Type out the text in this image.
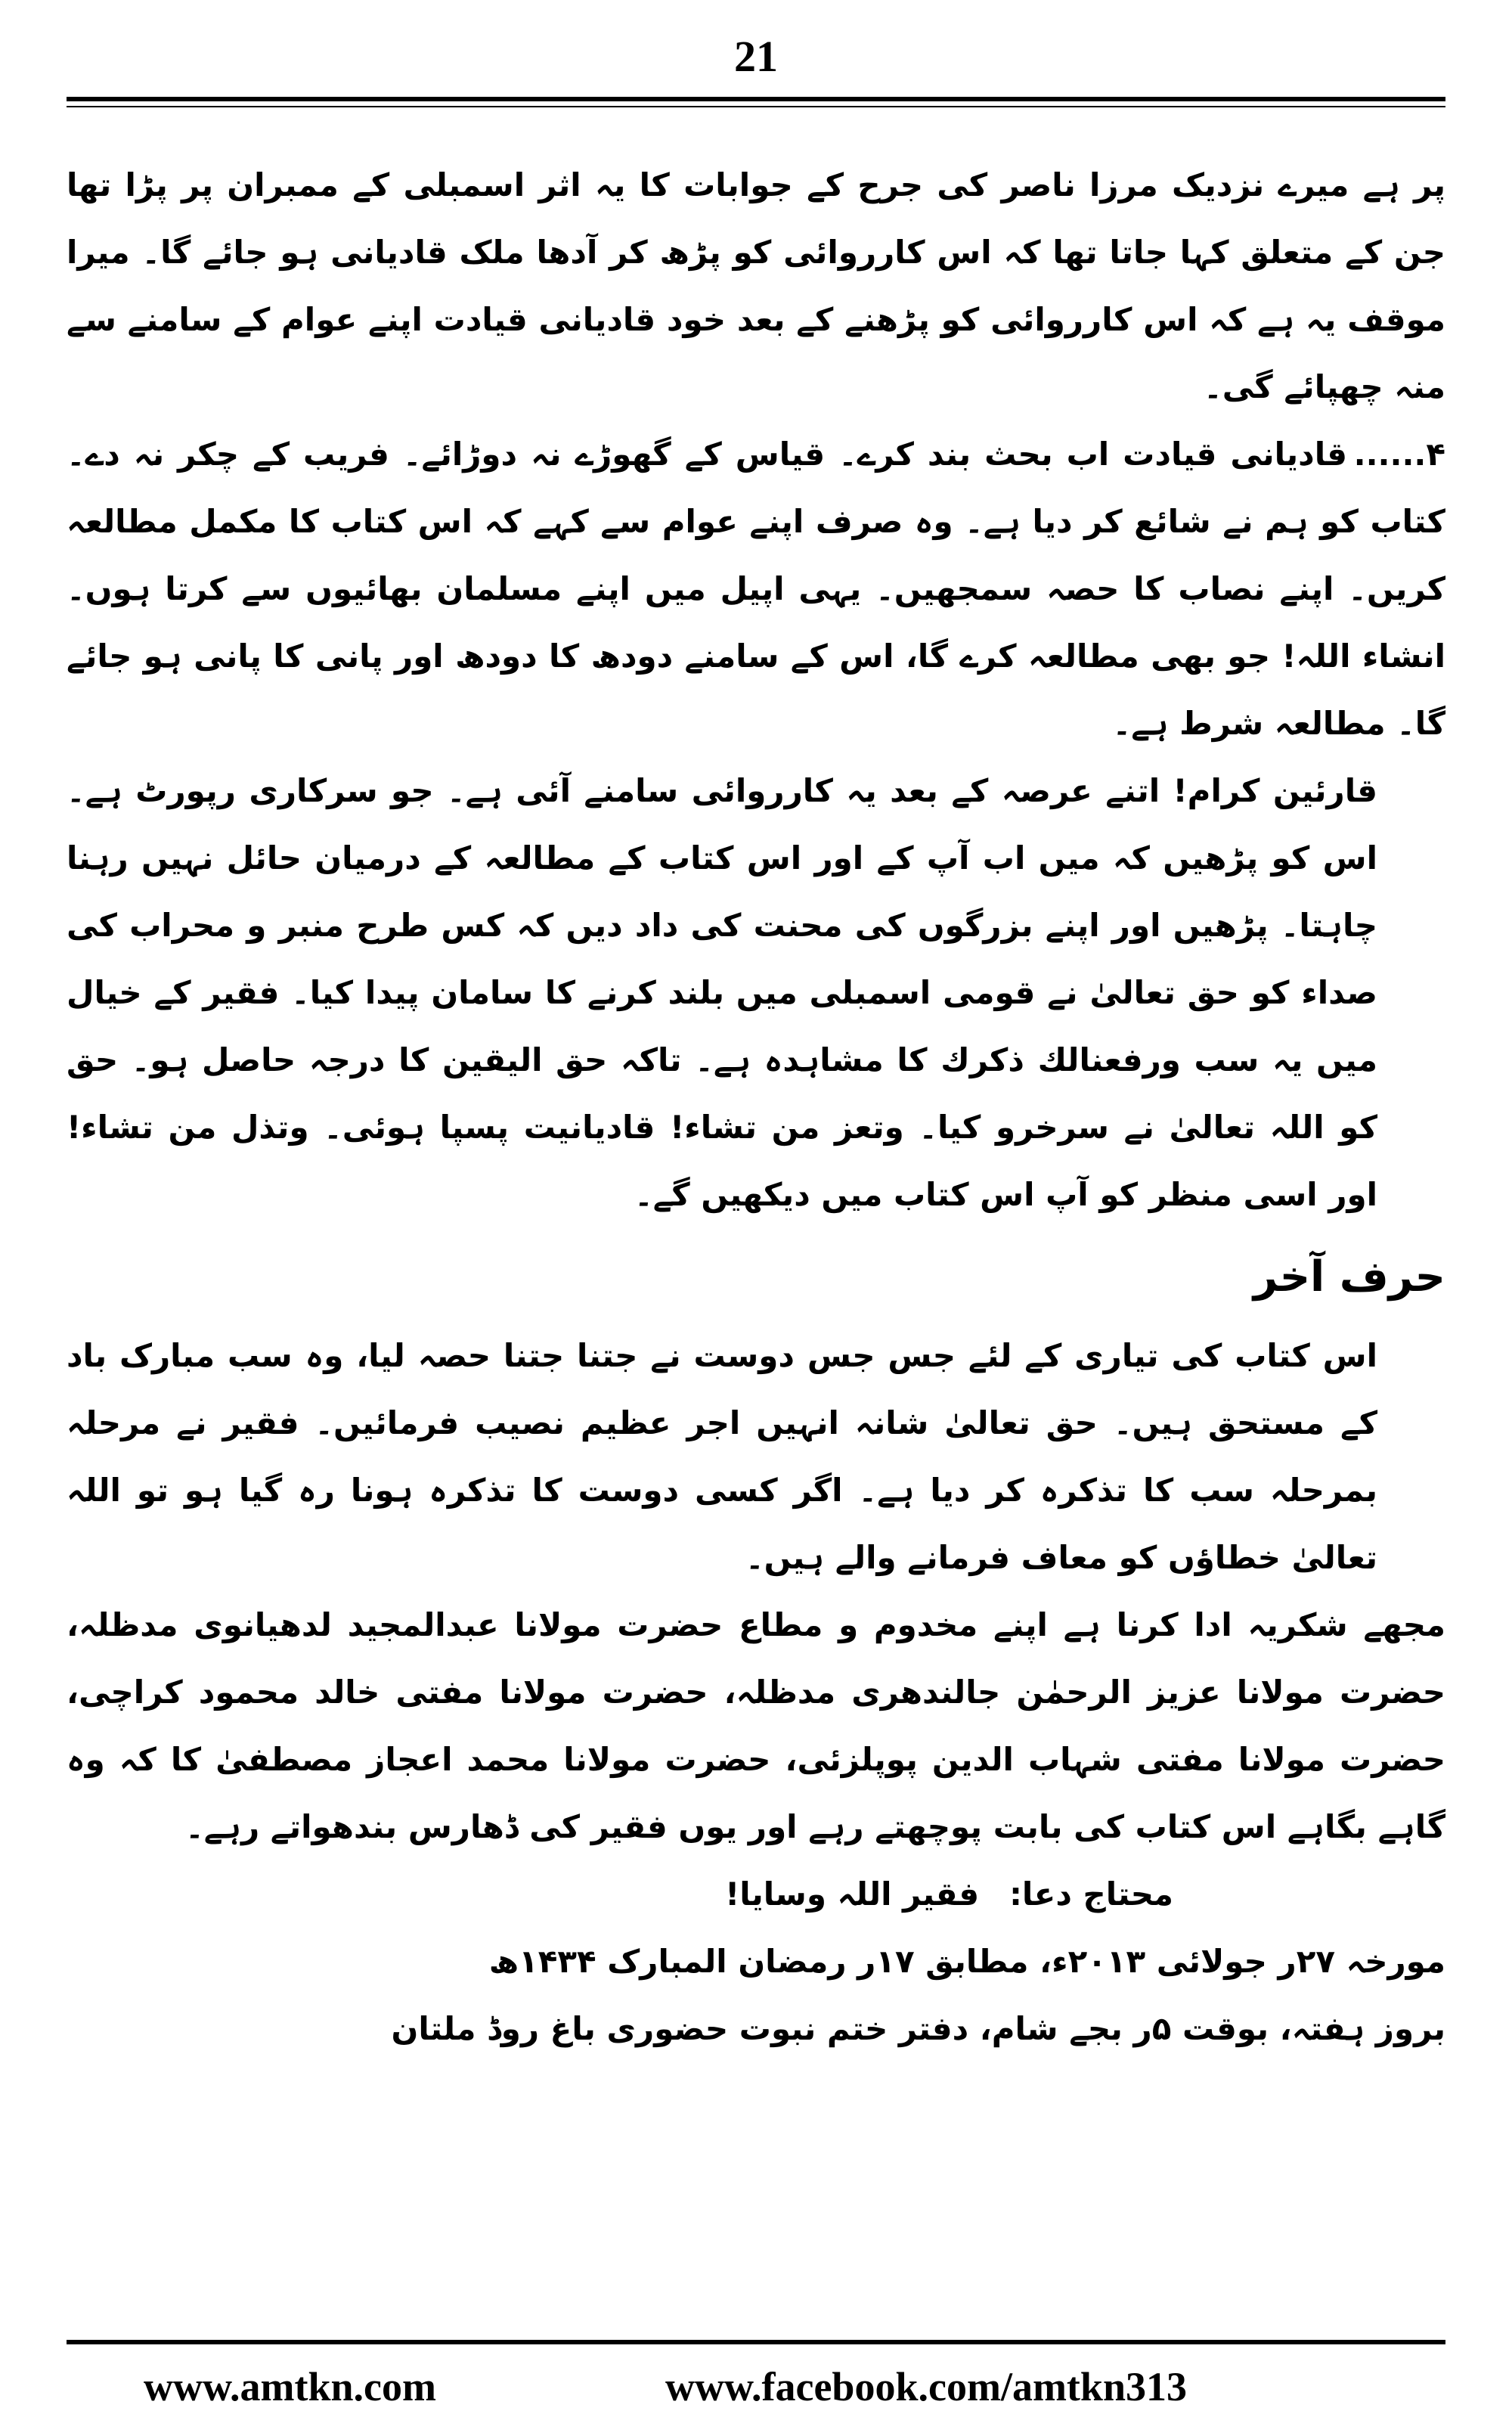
21

پر ہے میرے نزدیک مرزا ناصر کی جرح کے جوابات کا یہ اثر اسمبلی کے ممبران پر پڑا تھا جن کے متعلق کہا جاتا تھا کہ اس کارروائی کو پڑھ کر آدھا ملک قادیانی ہو جائے گا۔ میرا موقف یہ ہے کہ اس کارروائی کو پڑھنے کے بعد خود قادیانی قیادت اپنے عوام کے سامنے سے منہ چھپائے گی۔

۴......قادیانی قیادت اب بحث بند کرے۔ قیاس کے گھوڑے نہ دوڑائے۔ فریب کے چکر نہ دے۔ کتاب کو ہم نے شائع کر دیا ہے۔ وہ صرف اپنے عوام سے کہے کہ اس کتاب کا مکمل مطالعہ کریں۔ اپنے نصاب کا حصہ سمجھیں۔ یہی اپیل میں اپنے مسلمان بھائیوں سے کرتا ہوں۔ انشاء اللہ! جو بھی مطالعہ کرے گا، اس کے سامنے دودھ کا دودھ اور پانی کا پانی ہو جائے گا۔ مطالعہ شرط ہے۔

قارئین کرام! اتنے عرصہ کے بعد یہ کارروائی سامنے آئی ہے۔ جو سرکاری رپورٹ ہے۔ اس کو پڑھیں کہ میں اب آپ کے اور اس کتاب کے مطالعہ کے درمیان حائل نہیں رہنا چاہتا۔ پڑھیں اور اپنے بزرگوں کی محنت کی داد دیں کہ کس طرح منبر و محراب کی صداء کو حق تعالیٰ نے قومی اسمبلی میں بلند کرنے کا سامان پیدا کیا۔ فقیر کے خیال میں یہ سب ورفعنالك ذكرك کا مشاہدہ ہے۔ تاکہ حق الیقین کا درجہ حاصل ہو۔ حق کو اللہ تعالیٰ نے سرخرو کیا۔ وتعز من تشاء! قادیانیت پسپا ہوئی۔ وتذل من تشاء! اور اسی منظر کو آپ اس کتاب میں دیکھیں گے۔

حرف آخر

اس کتاب کی تیاری کے لئے جس جس دوست نے جتنا جتنا حصہ لیا، وہ سب مبارک باد کے مستحق ہیں۔ حق تعالیٰ شانہ انہیں اجر عظیم نصیب فرمائیں۔ فقیر نے مرحلہ بمرحلہ سب کا تذکرہ کر دیا ہے۔ اگر کسی دوست کا تذکرہ ہونا رہ گیا ہو تو اللہ تعالیٰ خطاؤں کو معاف فرمانے والے ہیں۔

مجھے شکریہ ادا کرنا ہے اپنے مخدوم و مطاع حضرت مولانا عبدالمجید لدھیانوی مدظلہ، حضرت مولانا عزیز الرحمٰن جالندھری مدظلہ، حضرت مولانا مفتی خالد محمود کراچی، حضرت مولانا مفتی شہاب الدین پوپلزئی، حضرت مولانا محمد اعجاز مصطفیٰ کا کہ وہ گاہے بگاہے اس کتاب کی بابت پوچھتے رہے اور یوں فقیر کی ڈھارس بندھواتے رہے۔

محتاج دعا:فقیر اللہ وسایا!

مورخہ ۲۷ر جولائی ۲۰۱۳ء، مطابق ۱۷ر رمضان المبارک ۱۴۳۴ھ

بروز ہفتہ، بوقت ۵ر بجے شام، دفتر ختم نبوت حضوری باغ روڈ ملتان

www.amtkn.com	www.facebook.com/amtkn313
